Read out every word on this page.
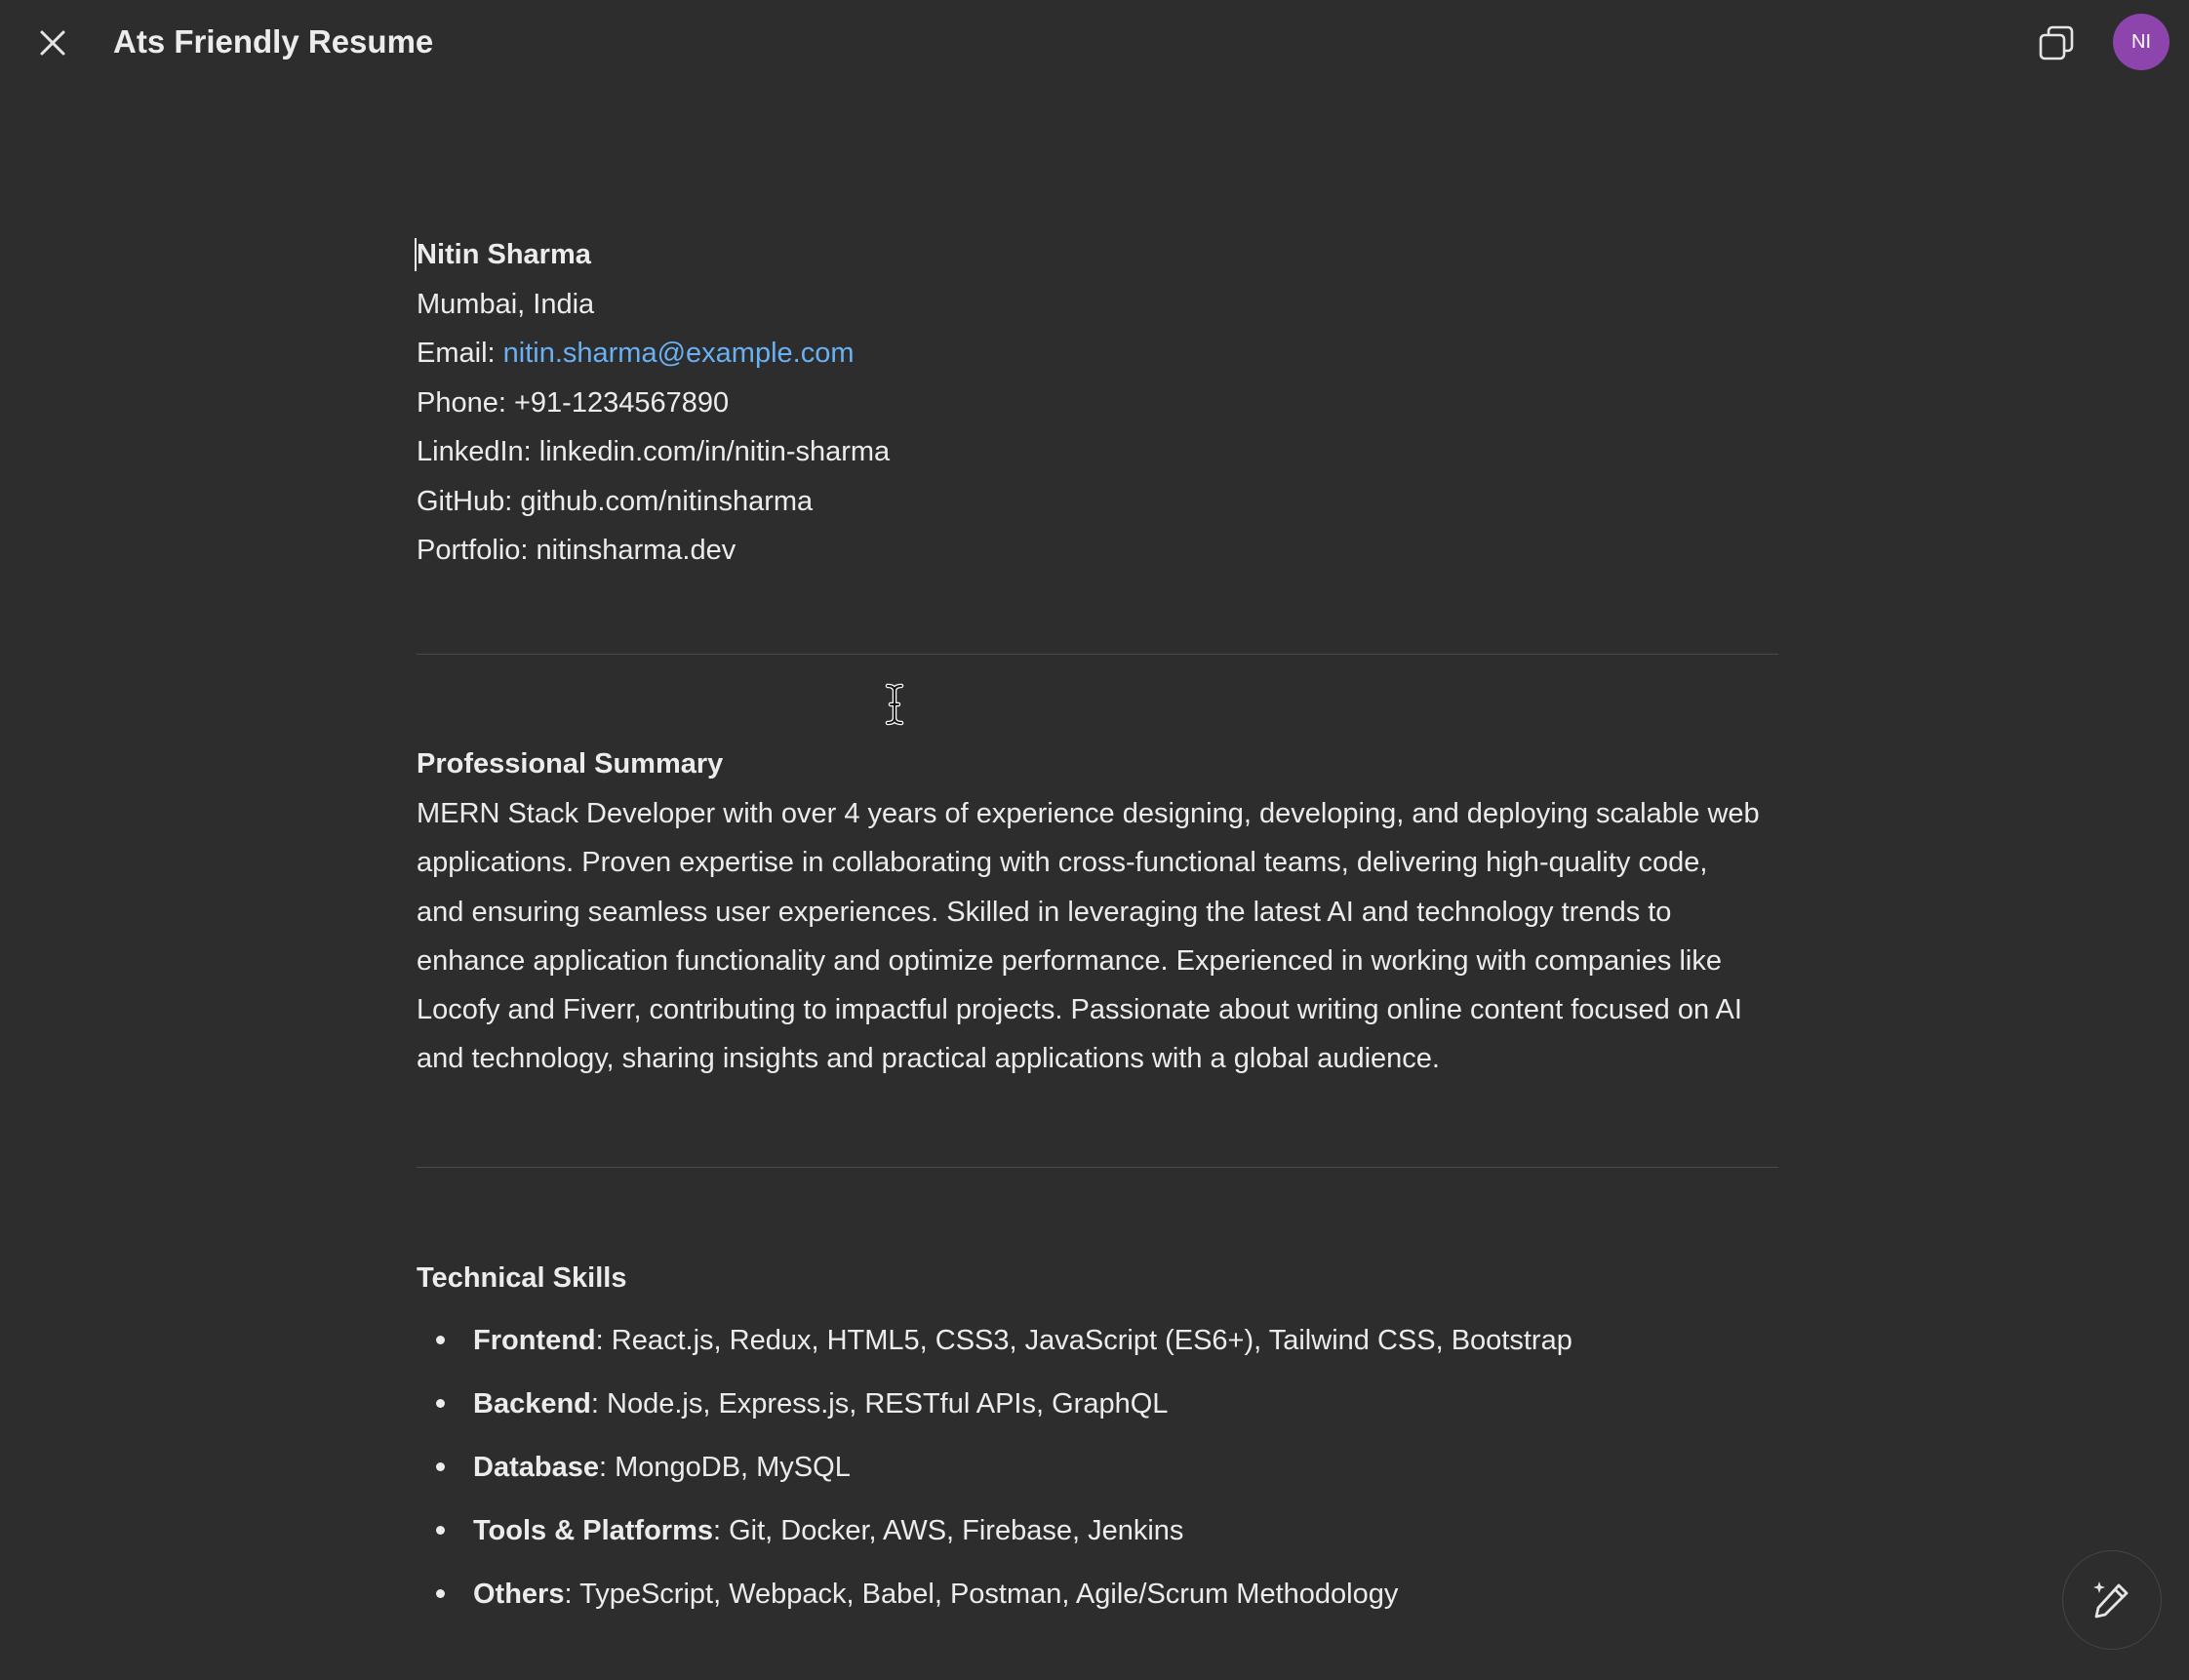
Ats Friendly Resume	NI
Nitin Sharma
Mumbai, India
Email: nitin.sharma@example.com
Phone: +91-1234567890
LinkedIn: linkedin.com/in/nitin-sharma
GitHub: github.com/nitinsharma
Portfolio: nitinsharma.dev
Professional Summary
MERN Stack Developer with over 4 years of experience designing, developing, and deploying scalable web
applications. Proven expertise in collaborating with cross-functional teams, delivering high-quality code,
and ensuring seamless user experiences. Skilled in leveraging the latest AI and technology trends to
enhance application functionality and optimize performance. Experienced in working with companies like
Locofy and Fiverr, contributing to impactful projects. Passionate about writing online content focused on AI
and technology, sharing insights and practical applications with a global audience.
Technical Skills
Frontend: React.js, Redux, HTML5, CSS3, JavaScript (ES6+), Tailwind CSS, Bootstrap
Backend: Node.js, Express.js, RESTful APIs, GraphQL
Database: MongoDB, MySQL
Tools & Platforms: Git, Docker, AWS, Firebase, Jenkins
Others: TypeScript, Webpack, Babel, Postman, Agile/Scrum Methodology
